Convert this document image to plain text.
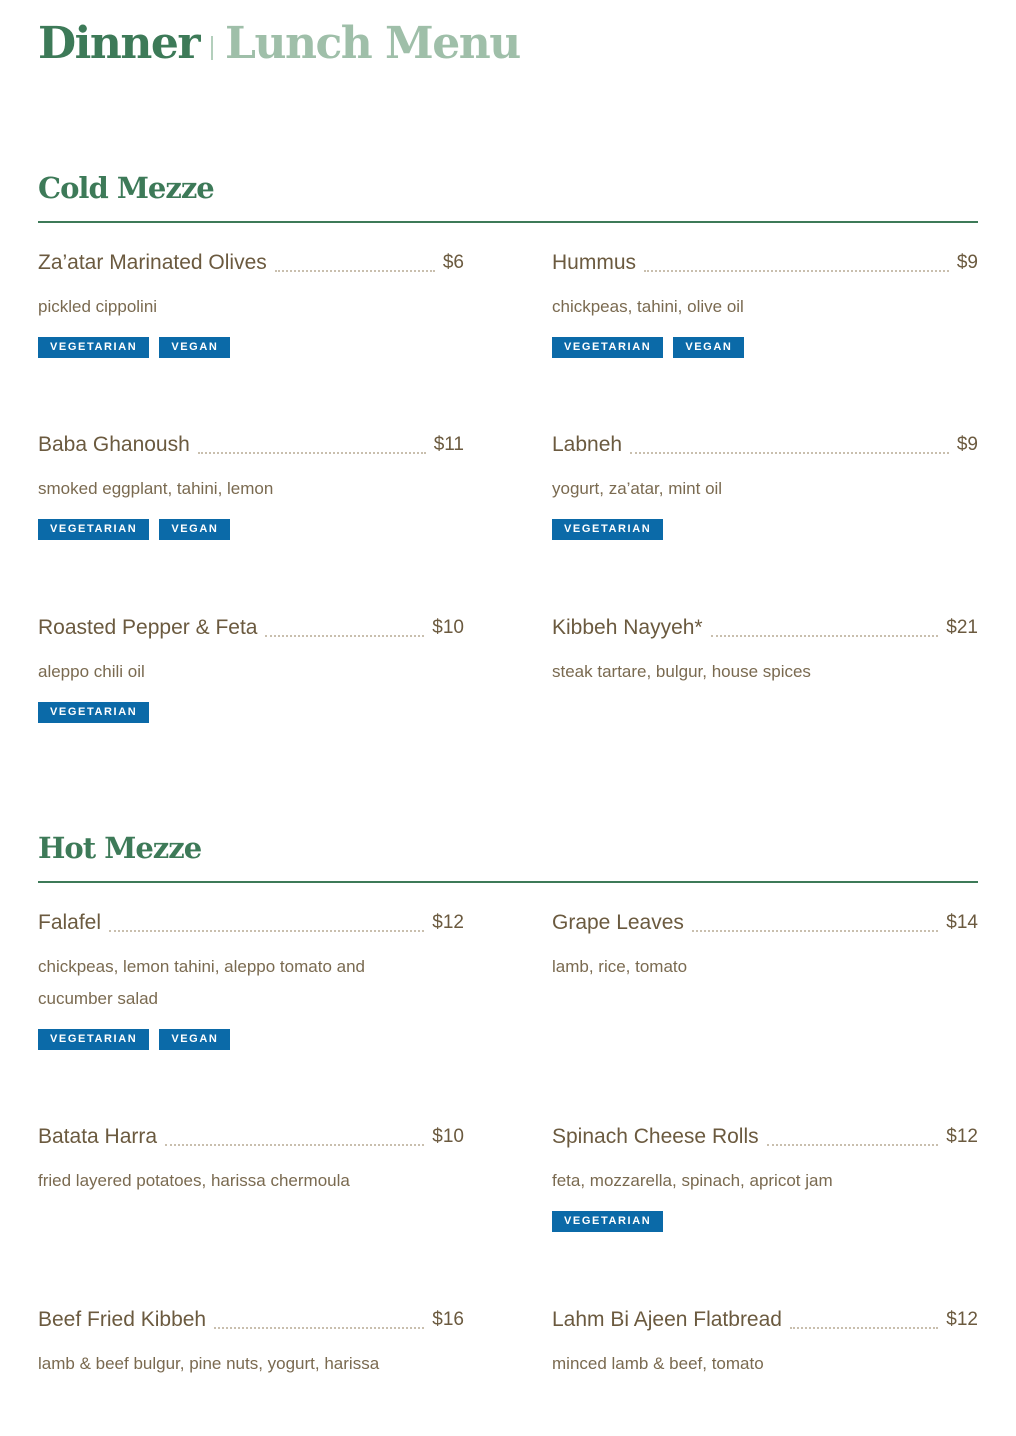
Dinner Lunch Menu
Cold Mezze
Za’atar Marinated Olives	$6
pickled cippolini
VEGETARIAN	VEGAN
Hummus	$9
chickpeas, tahini, olive oil
VEGETARIAN	VEGAN
Baba Ghanoush	$11
smoked eggplant, tahini, lemon
VEGETARIAN	VEGAN
Labneh	$9
yogurt, za’atar, mint oil
VEGETARIAN
Roasted Pepper & Feta	$10
aleppo chili oil
VEGETARIAN
Kibbeh Nayyeh*	$21
steak tartare, bulgur, house spices
Hot Mezze
Falafel	$12
chickpeas, lemon tahini, aleppo tomato and cucumber salad
VEGETARIAN	VEGAN
Grape Leaves	$14
lamb, rice, tomato
Batata Harra	$10
fried layered potatoes, harissa chermoula
Spinach Cheese Rolls	$12
feta, mozzarella, spinach, apricot jam
VEGETARIAN
Beef Fried Kibbeh	$16
lamb & beef bulgur, pine nuts, yogurt, harissa
Lahm Bi Ajeen Flatbread	$12
minced lamb & beef, tomato
